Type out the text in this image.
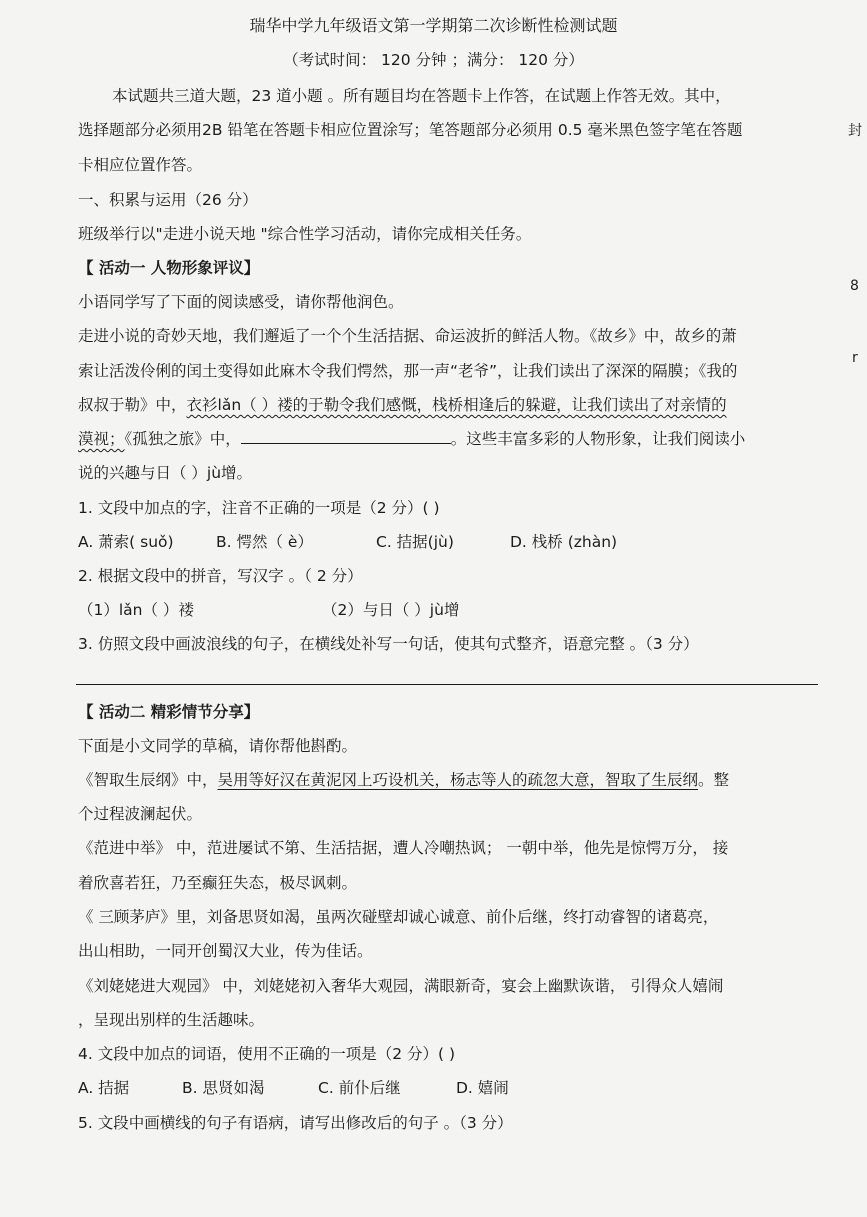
瑞华中学九年级语文第一学期第二次诊断性检测试题
（考试时间： 120 分钟 ；满分： 120 分）
本试题共三道大题，23 道小题 。所有题目均在答题卡上作答，在试题上作答无效。其中，
选择题部分必须用2B 铅笔在答题卡相应位置涂写；笔答题部分必须用 0.5 毫米黑色签字笔在答题
卡相应位置作答。
一、积累与运用（26 分）
班级举行以"走进小说天地 "综合性学习活动，请你完成相关任务。
【 活动一 人物形象评议】
小语同学写了下面的阅读感受，请你帮他润色。
走进小说的奇妙天地，我们邂逅了一个个生活拮据、命运波折的鲜活人物。《故乡》中，故乡的萧
索让活泼伶俐的闰土变得如此麻木令我们愕然，那一声“老爷”，让我们读出了深深的隔膜；《我的
叔叔于勒》中，衣衫lǎn（ ）褛的于勒令我们感慨，栈桥相逢后的躲避，让我们读出了对亲情的
漠视；《孤独之旅》中，	。这些丰富多彩的人物形象，让我们阅读小
说的兴趣与日（ ）jù增。
1. 文段中加点的字，注音不正确的一项是（2 分）( )
A. 萧索( suǒ)	B. 愕然（ è）	C. 拮据(jù)	D. 栈桥 (zhàn)
2. 根据文段中的拼音，写汉字 。（ 2 分）
（1）lǎn（ ）褛	（2）与日（ ）jù增
3. 仿照文段中画波浪线的句子，在横线处补写一句话，使其句式整齐，语意完整 。（3 分）
【 活动二 精彩情节分享】
下面是小文同学的草稿，请你帮他斟酌。
《智取生辰纲》中，吴用等好汉在黄泥冈上巧设机关，杨志等人的疏忽大意，智取了生辰纲。整
个过程波澜起伏。
《范进中举》 中，范进屡试不第、生活拮据，遭人冷嘲热讽； 一朝中举，他先是惊愕万分， 接
着欣喜若狂，乃至癫狂失态，极尽讽刺。
《 三顾茅庐》里，刘备思贤如渴，虽两次碰壁却诚心诚意、前仆后继，终打动睿智的诸葛亮，
出山相助，一同开创蜀汉大业，传为佳话。
《刘姥姥进大观园》 中，刘姥姥初入奢华大观园，满眼新奇，宴会上幽默诙谐， 引得众人嬉闹
，呈现出别样的生活趣味。
4. 文段中加点的词语，使用不正确的一项是（2 分）( )
A. 拮据	B. 思贤如渴	C. 前仆后继	D. 嬉闹
5. 文段中画横线的句子有语病，请写出修改后的句子 。（3 分）
封
8
r
